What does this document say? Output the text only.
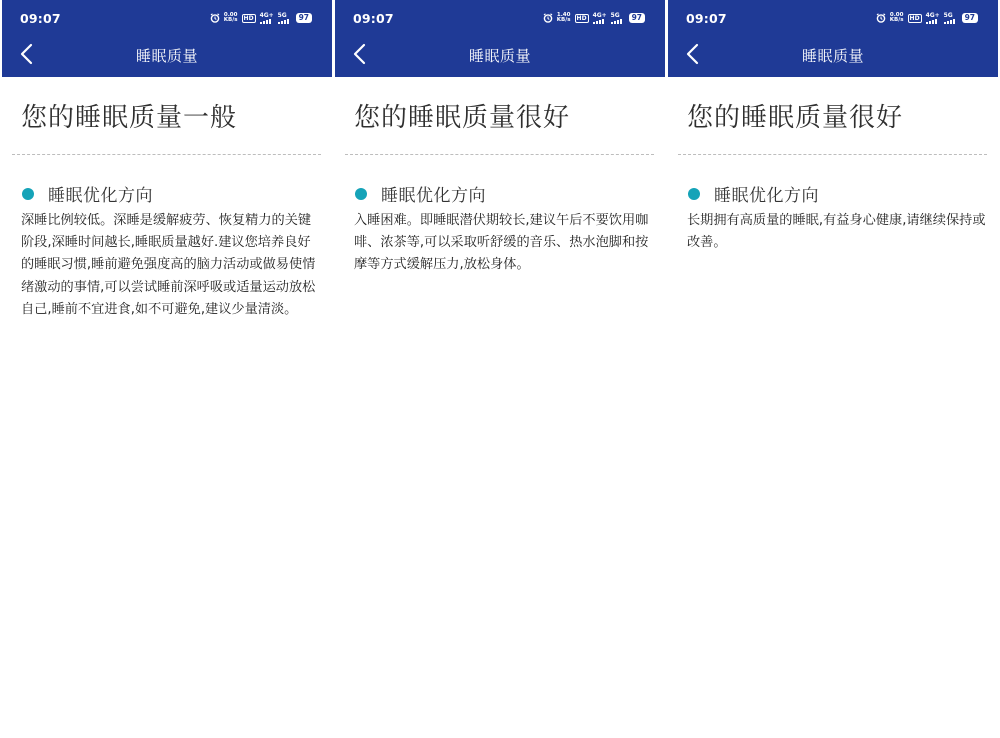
09:07	0.00
KB/s	HD	4G+ 5G	97
睡眠质量
您的睡眠质量一般
睡眠优化方向
深睡比例较低。深睡是缓解疲劳、恢复精力的关键阶段,深睡时间越长,睡眠质量越好.建议您培养良好的睡眠习惯,睡前避免强度高的脑力活动或做易使情绪激动的事情,可以尝试睡前深呼吸或适量运动放松自己,睡前不宜进食,如不可避免,建议少量清淡。
09:07	1.40
KB/s	HD	4G+ 5G	97
睡眠质量
您的睡眠质量很好
睡眠优化方向
入睡困难。即睡眠潜伏期较长,建议午后不要饮用咖啡、浓茶等,可以采取听舒缓的音乐、热水泡脚和按摩等方式缓解压力,放松身体。
09:07	0.00
KB/s	HD	4G+ 5G	97
睡眠质量
您的睡眠质量很好
睡眠优化方向
长期拥有高质量的睡眠,有益身心健康,请继续保持或改善。
